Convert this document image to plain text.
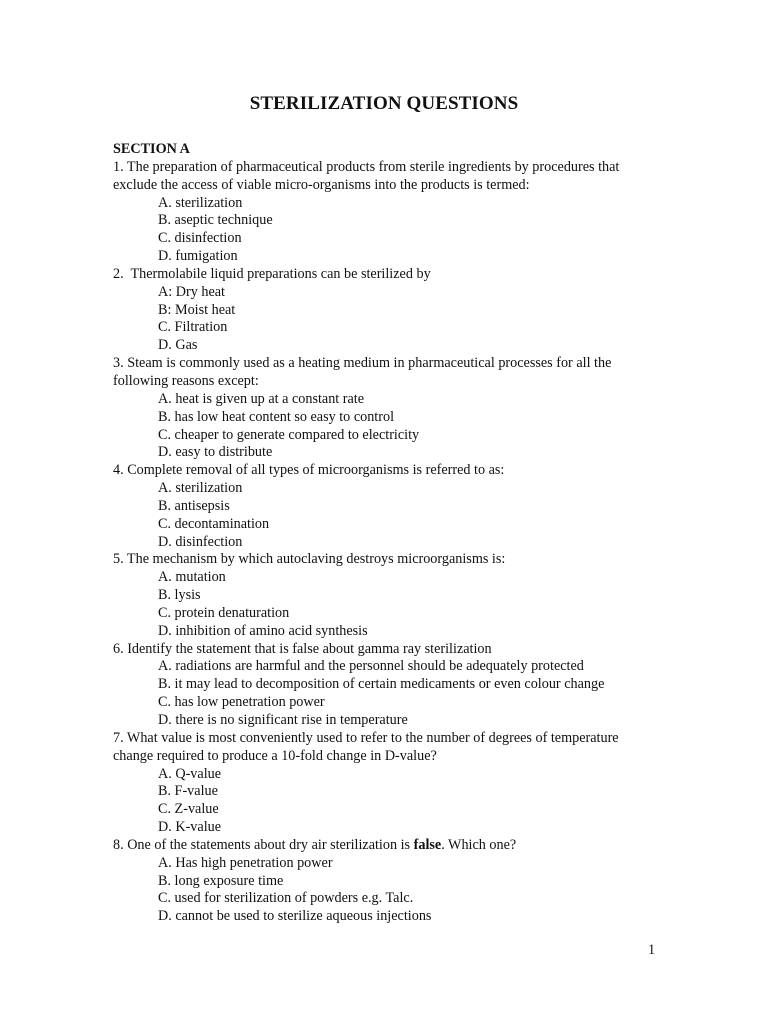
STERILIZATION QUESTIONS
SECTION A
1. The preparation of pharmaceutical products from sterile ingredients by procedures that exclude the access of viable micro-organisms into the products is termed:
A. sterilization
B. aseptic technique
C. disinfection
D. fumigation
2.  Thermolabile liquid preparations can be sterilized by
A: Dry heat
B: Moist heat
C. Filtration
D. Gas
3. Steam is commonly used as a heating medium in pharmaceutical processes for all the following reasons except:
A. heat is given up at a constant rate
B. has low heat content so easy to control
C. cheaper to generate compared to electricity
D. easy to distribute
4. Complete removal of all types of microorganisms is referred to as:
A. sterilization
B. antisepsis
C. decontamination
D. disinfection
5. The mechanism by which autoclaving destroys microorganisms is:
A. mutation
B. lysis
C. protein denaturation
D. inhibition of amino acid synthesis
6. Identify the statement that is false about gamma ray sterilization
A. radiations are harmful and the personnel should be adequately protected
B. it may lead to decomposition of certain medicaments or even colour change
C. has low penetration power
D. there is no significant rise in temperature
7. What value is most conveniently used to refer to the number of degrees of temperature change required to produce a 10-fold change in D-value?
A. Q-value
B. F-value
C. Z-value
D. K-value
8. One of the statements about dry air sterilization is false. Which one?
A. Has high penetration power
B. long exposure time
C. used for sterilization of powders e.g. Talc.
D. cannot be used to sterilize aqueous injections
1
